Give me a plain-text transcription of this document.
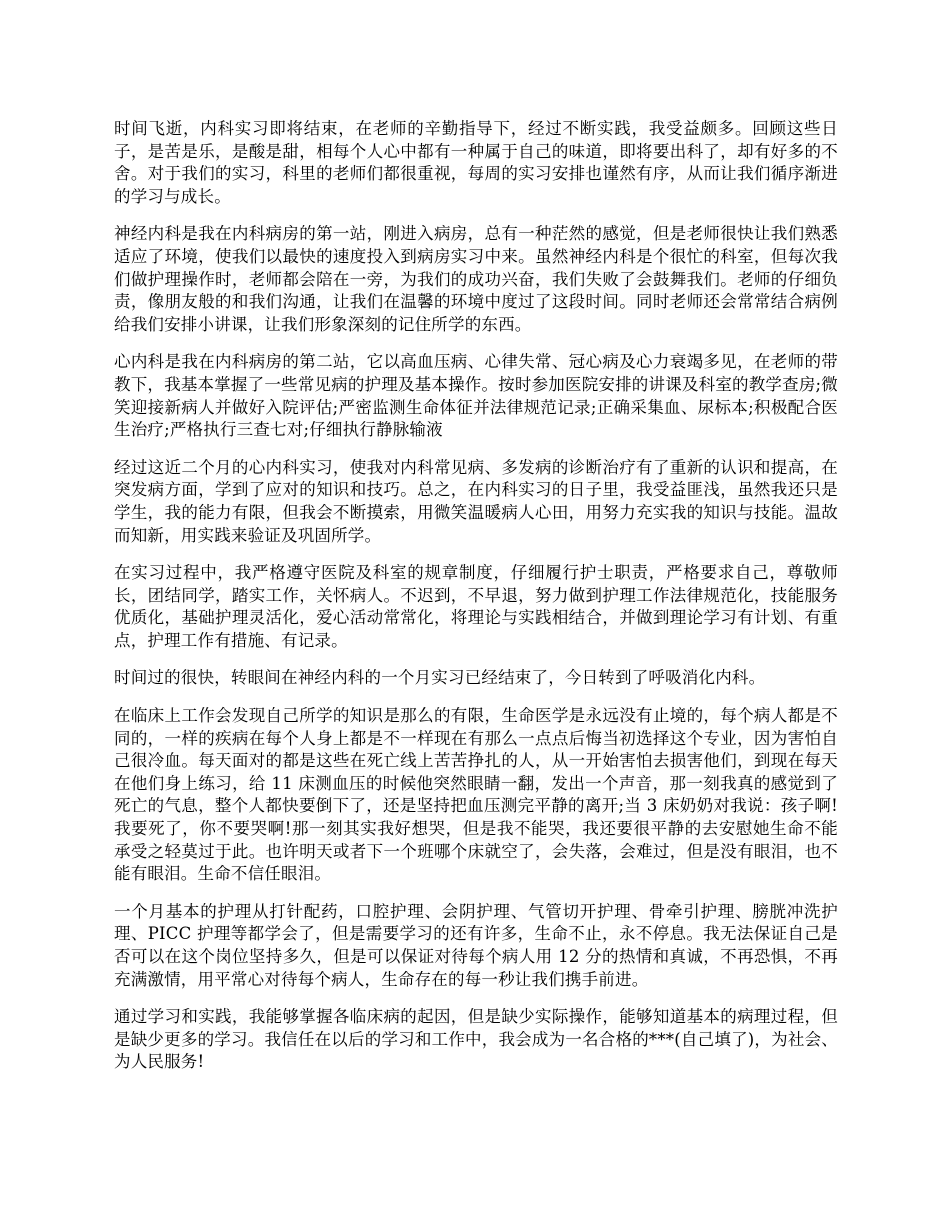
时间飞逝，内科实习即将结束，在老师的辛勤指导下，经过不断实践，我受益颇多。回顾这些日子，是苦是乐，是酸是甜，相每个人心中都有一种属于自己的味道，即将要出科了，却有好多的不舍。对于我们的实习，科里的老师们都很重视，每周的实习安排也谨然有序，从而让我们循序渐进的学习与成长。

神经内科是我在内科病房的第一站，刚进入病房，总有一种茫然的感觉，但是老师很快让我们熟悉适应了环境，使我们以最快的速度投入到病房实习中来。虽然神经内科是个很忙的科室，但每次我们做护理操作时，老师都会陪在一旁，为我们的成功兴奋，我们失败了会鼓舞我们。老师的仔细负责，像朋友般的和我们沟通，让我们在温馨的环境中度过了这段时间。同时老师还会常常结合病例给我们安排小讲课，让我们形象深刻的记住所学的东西。

心内科是我在内科病房的第二站，它以高血压病、心律失常、冠心病及心力衰竭多见，在老师的带教下，我基本掌握了一些常见病的护理及基本操作。按时参加医院安排的讲课及科室的教学查房;微笑迎接新病人并做好入院评估;严密监测生命体征并法律规范记录;正确采集血、尿标本;积极配合医生治疗;严格执行三查七对;仔细执行静脉输液

经过这近二个月的心内科实习，使我对内科常见病、多发病的诊断治疗有了重新的认识和提高，在突发病方面，学到了应对的知识和技巧。总之，在内科实习的日子里，我受益匪浅，虽然我还只是学生，我的能力有限，但我会不断摸索，用微笑温暖病人心田，用努力充实我的知识与技能。温故而知新，用实践来验证及巩固所学。

在实习过程中，我严格遵守医院及科室的规章制度，仔细履行护士职责，严格要求自己，尊敬师长，团结同学，踏实工作，关怀病人。不迟到，不早退，努力做到护理工作法律规范化，技能服务优质化，基础护理灵活化，爱心活动常常化，将理论与实践相结合，并做到理论学习有计划、有重点，护理工作有措施、有记录。

时间过的很快，转眼间在神经内科的一个月实习已经结束了，今日转到了呼吸消化内科。

在临床上工作会发现自己所学的知识是那么的有限，生命医学是永远没有止境的，每个病人都是不同的，一样的疾病在每个人身上都是不一样现在有那么一点点后悔当初选择这个专业，因为害怕自己很冷血。每天面对的都是这些在死亡线上苦苦挣扎的人，从一开始害怕去损害他们，到现在每天在他们身上练习，给 11 床测血压的时候他突然眼睛一翻，发出一个声音，那一刻我真的感觉到了死亡的气息，整个人都快要倒下了，还是坚持把血压测完平静的离开;当 3 床奶奶对我说：孩子啊!我要死了，你不要哭啊!那一刻其实我好想哭，但是我不能哭，我还要很平静的去安慰她生命不能承受之轻莫过于此。也许明天或者下一个班哪个床就空了，会失落，会难过，但是没有眼泪，也不能有眼泪。生命不信任眼泪。

一个月基本的护理从打针配药，口腔护理、会阴护理、气管切开护理、骨牵引护理、膀胱冲洗护理、PICC 护理等都学会了，但是需要学习的还有许多，生命不止，永不停息。我无法保证自己是否可以在这个岗位坚持多久，但是可以保证对待每个病人用 12 分的热情和真诚，不再恐惧，不再充满激情，用平常心对待每个病人，生命存在的每一秒让我们携手前进。

通过学习和实践，我能够掌握各临床病的起因，但是缺少实际操作，能够知道基本的病理过程，但是缺少更多的学习。我信任在以后的学习和工作中，我会成为一名合格的***(自己填了)，为社会、为人民服务!
